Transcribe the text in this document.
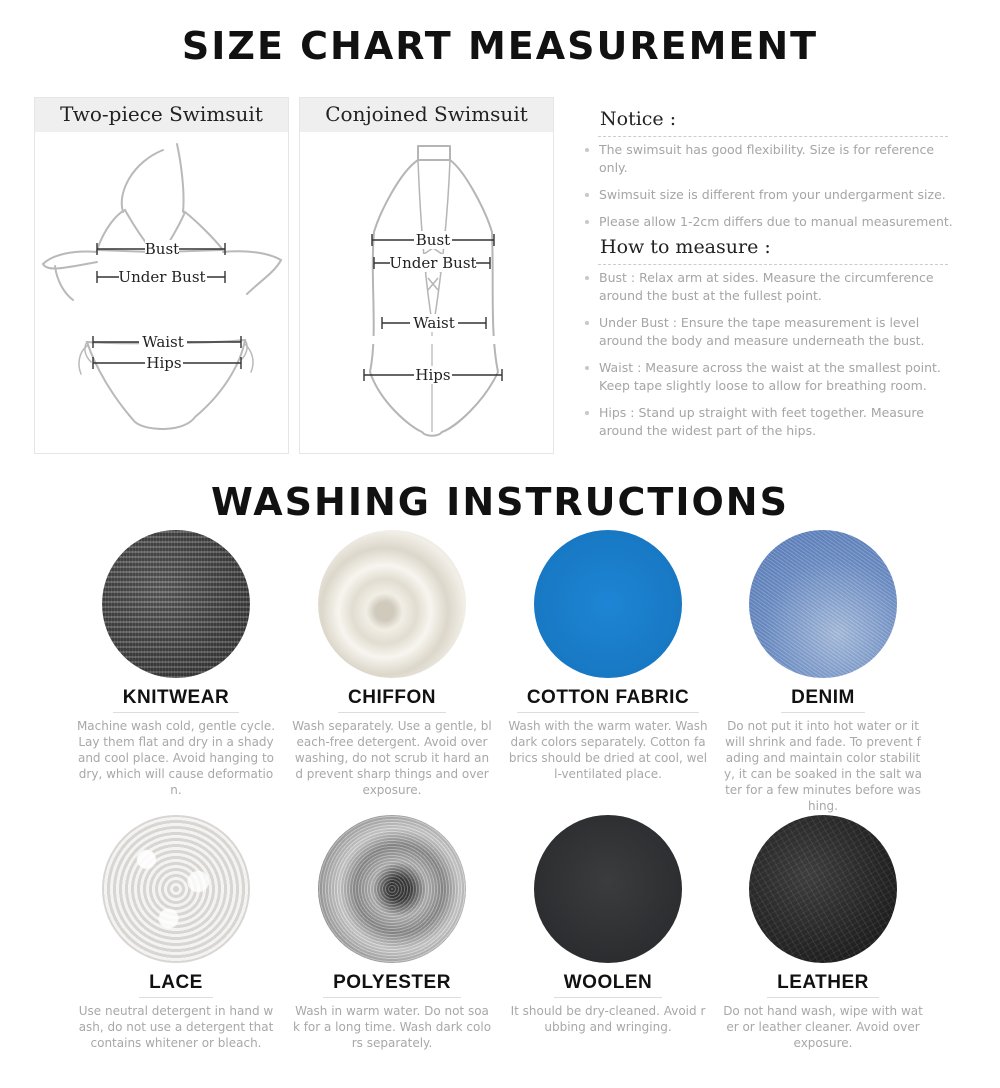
SIZE CHART MEASUREMENT
Two-piece Swimsuit
Bust
Under Bust
Waist
Hips
Conjoined Swimsuit
Bust
Under Bust
Waist
Hips
Notice :
The swimsuit has good flexibility. Size is for reference only.
Swimsuit size is different from your undergarment size.
Please allow 1-2cm differs due to manual measurement.
How to measure :
Bust : Relax arm at sides. Measure the circumference around the bust at the fullest point.
Under Bust : Ensure the tape measurement is level around the body and measure underneath the bust.
Waist : Measure across the waist at the smallest point. Keep tape slightly loose to allow for breathing room.
Hips : Stand up straight with feet together. Measure around the widest part of the hips.
WASHING INSTRUCTIONS
KNITWEAR
Machine wash cold, gentle cycle. Lay them flat and dry in a shady and cool place. Avoid hanging to dry, which will cause deformation.
CHIFFON
Wash separately. Use a gentle, bleach-free detergent. Avoid over washing, do not scrub it hard and prevent sharp things and overexposure.
COTTON FABRIC
Wash with the warm water. Wash dark colors separately. Cotton fabrics should be dried at cool, well-ventilated place.
DENIM
Do not put it into hot water or it will shrink and fade. To prevent fading and maintain color stability, it can be soaked in the salt water for a few minutes before washing.
LACE
Use neutral detergent in hand wash, do not use a detergent that contains whitener or bleach.
POLYESTER
Wash in warm water. Do not soak for a long time. Wash dark colors separately.
WOOLEN
It should be dry-cleaned. Avoid rubbing and wringing.
LEATHER
Do not hand wash, wipe with water or leather cleaner. Avoid overexposure.
